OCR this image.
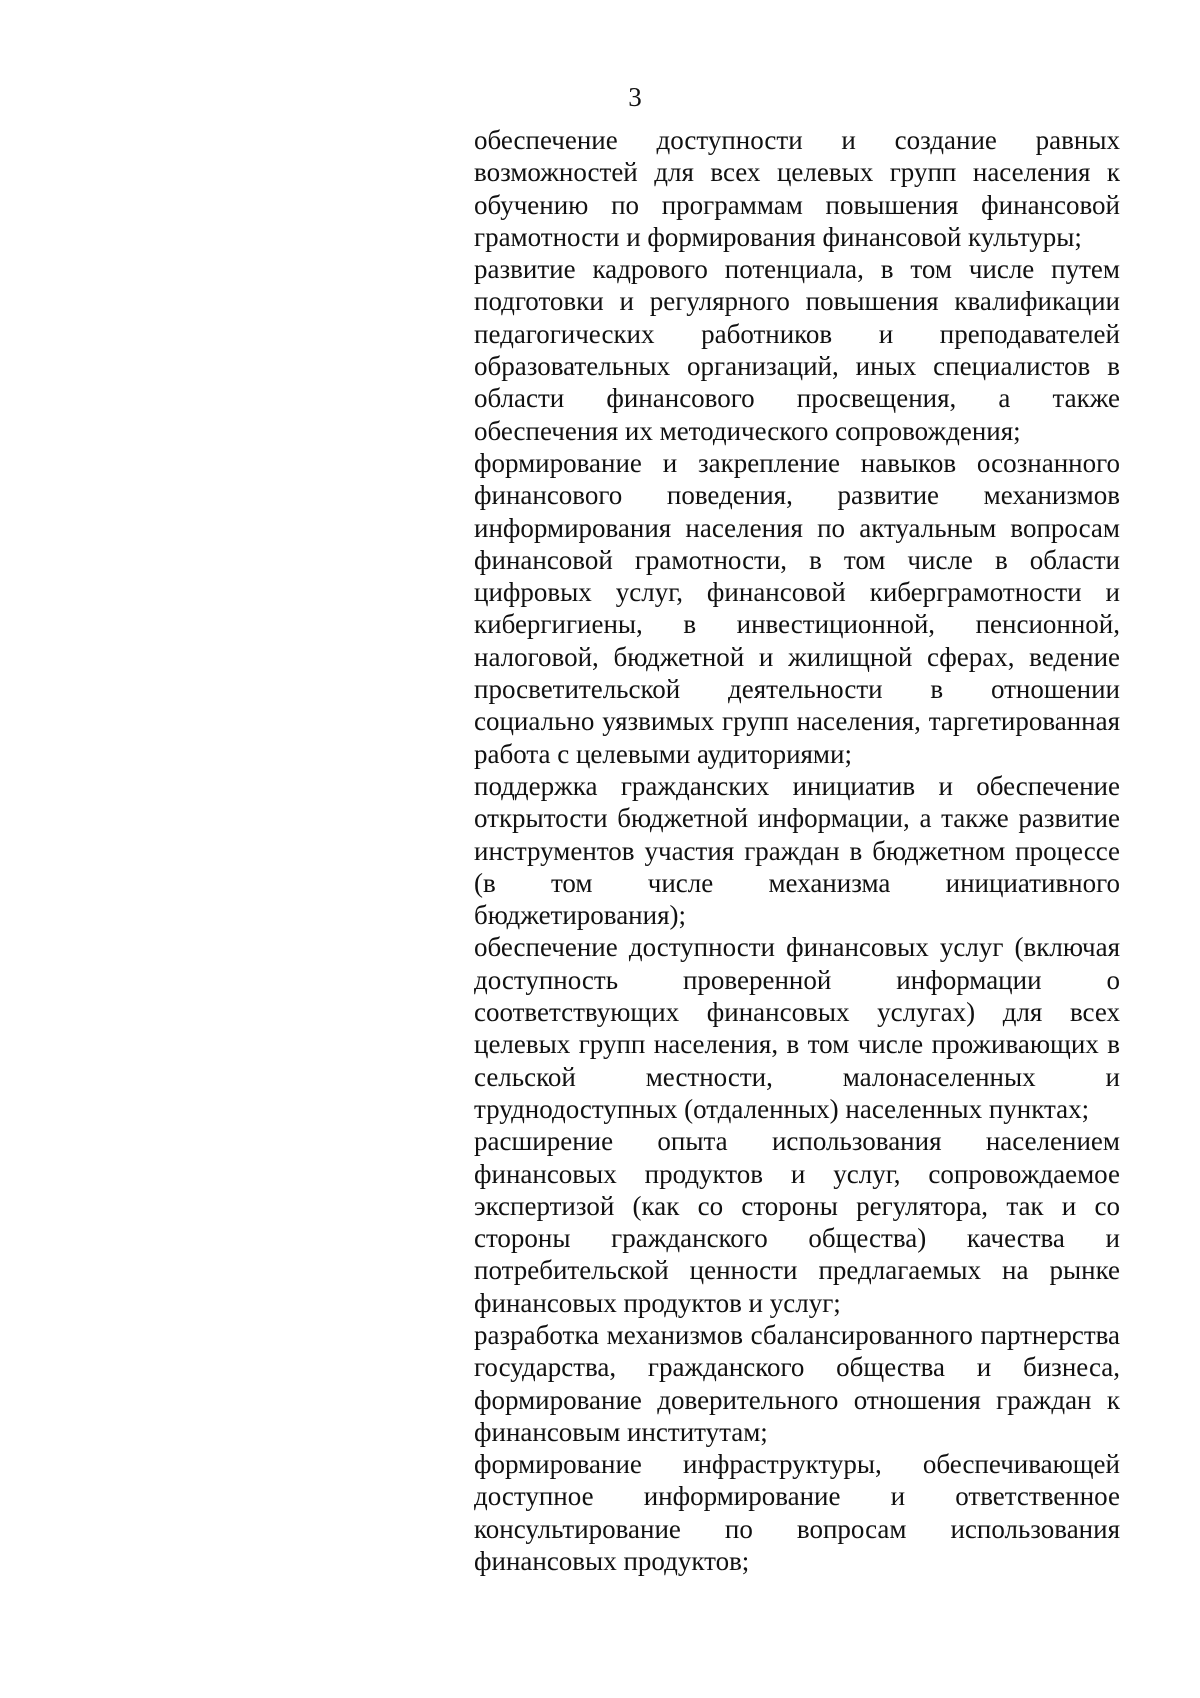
3

обеспечение доступности и создание равных возможностей для всех целевых групп населения к обучению по программам повышения финансовой грамотности и формирования финансовой культуры;

развитие кадрового потенциала, в том числе путем подготовки и регулярного повышения квалификации педагогических работников и преподавателей образовательных организаций, иных специалистов в области финансового просвещения, а также обеспечения их методического сопровождения;

формирование и закрепление навыков осознанного финансового поведения, развитие механизмов информирования населения по актуальным вопросам финансовой грамотности, в том числе в области цифровых услуг, финансовой киберграмотности и кибергигиены, в инвестиционной, пенсионной, налоговой, бюджетной и жилищной сферах, ведение просветительской деятельности в отношении социально уязвимых групп населения, таргетированная работа с целевыми аудиториями;

поддержка гражданских инициатив и обеспечение открытости бюджетной информации, а также развитие инструментов участия граждан в бюджетном процессе (в том числе механизма инициативного бюджетирования);

обеспечение доступности финансовых услуг (включая доступность проверенной информации о соответствующих финансовых услугах) для всех целевых групп населения, в том числе проживающих в сельской местности, малонаселенных и труднодоступных (отдаленных) населенных пунктах;

расширение опыта использования населением финансовых продуктов и услуг, сопровождаемое экспертизой (как со стороны регулятора, так и со стороны гражданского общества) качества и потребительской ценности предлагаемых на рынке финансовых продуктов и услуг;

разработка механизмов сбалансированного партнерства государства, гражданского общества и бизнеса, формирование доверительного отношения граждан к финансовым институтам;

формирование инфраструктуры, обеспечивающей доступное информирование и ответственное консультирование по вопросам использования финансовых продуктов;
